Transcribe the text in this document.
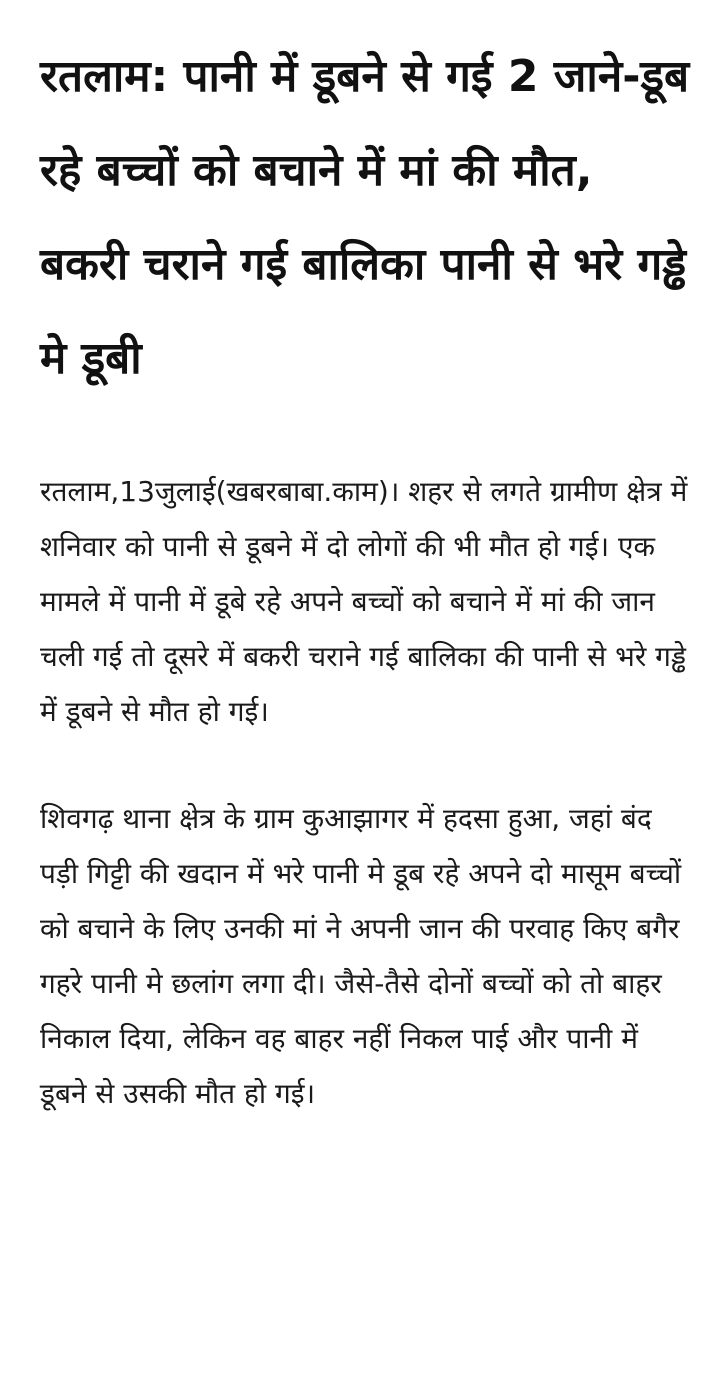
रतलाम: पानी में डूबने से गई 2 जाने-डूब रहे बच्चों को बचाने में मां की मौत, बकरी चराने गई बालिका पानी से भरे गड्ढे मे डूबी

रतलाम,13जुलाई(खबरबाबा.काम)। शहर से लगते ग्रामीण क्षेत्र में शनिवार को पानी से डूबने में दो लोगों की भी मौत हो गई। एक मामले में पानी में डूबे रहे अपने बच्चों को बचाने में मां की जान चली गई तो दूसरे में बकरी चराने गई बालिका की पानी से भरे गड्ढे में डूबने से मौत हो गई।

शिवगढ़ थाना क्षेत्र के ग्राम कुआझागर में हदसा हुआ, जहां बंद पड़ी गिट्टी की खदान में भरे पानी मे डूब रहे अपने दो मासूम बच्चों को बचाने के लिए उनकी मां ने अपनी जान की परवाह किए बगैर गहरे पानी मे छलांग लगा दी। जैसे-तैसे दोनों बच्चों को तो बाहर निकाल दिया, लेकिन वह बाहर नहीं निकल पाई और पानी में डूबने से उसकी मौत हो गई।
